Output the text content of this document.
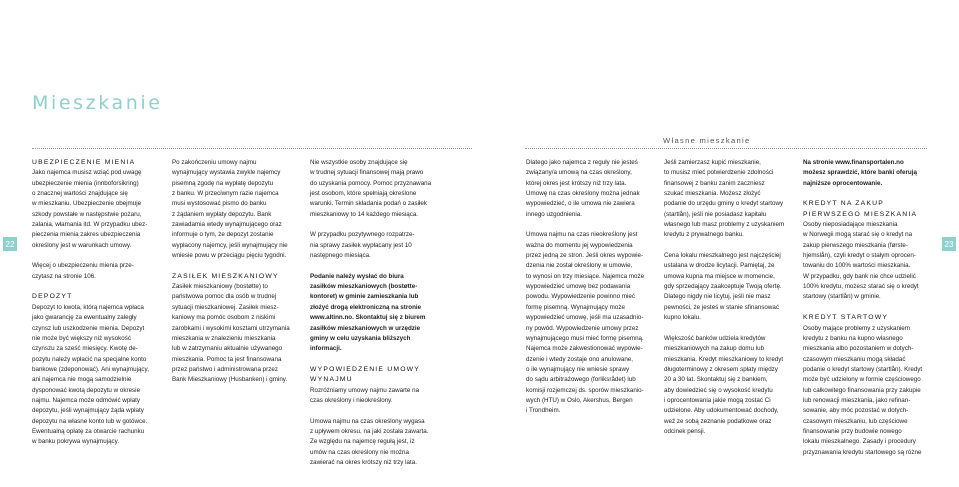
Mieszkanie
Własne mieszkanie
22	23
UBEZPIECZENIE MIENIA

Jako najemca musisz wziąć pod uwagę
ubezpieczenie mienia (innboforsikring)
o znacznej wartości znajdujące się
w mieszkaniu. Ubezpieczenie obejmuje
szkody powstałe w następstwie pożaru,
zalania, włamania itd. W przypadku ubez-
pieczenia mienia zakres ubezpieczenia
określony jest w warunkach umowy.

Więcej o ubezpieczeniu mienia prze-
czytasz na stronie 106.

DEPOZYT

Depozyt to kwota, którą najemca wpłaca
jako gwarancję za ewentualny zaległy
czynsz lub uszkodzenie mienia. Depozyt
nie może być większy niż wysokość
czynszu za sześć miesięcy. Kwotę de-
pozytu należy wpłacić na specjalne konto
bankowe (zdeponować). Ani wynajmujący,
ani najemca nie mogą samodzielnie
dysponować kwotą depozytu w okresie
najmu. Najemca może odmówić wpłaty
depozytu, jeśli wynajmujący żąda wpłaty
depozytu na własne konto lub w gotówce.
Ewentualną opłatę za otwarcie rachunku
w banku pokrywa wynajmujący.

Po zakończeniu umowy najmu
wynajmujący wystawia zwykle najemcy
pisemną zgodę na wypłatę depozytu
z banku. W przeciwnym razie najemca
musi wystosować pismo do banku
z żądaniem wypłaty depozytu. Bank
zawiadamia wtedy wynajmującego oraz
informuje o tym, że depozyt zostanie
wypłacony najemcy, jeśli wynajmujący nie
wniesie powu w przeciągu pięciu tygodni.

ZASIŁEK MIESZKANIOWY

Zasiłek mieszkaniowy (bostøtte) to
państwowa pomoc dla osób w trudnej
sytuacji mieszkaniowej. Zasiłek miesz-
kaniowy ma pomóc osobom z niskimi
zarobkami i wysokimi kosztami utrzymania
mieszkania w znalezieniu mieszkania
lub w zatrzymaniu aktualnie używanego
mieszkania. Pomoc ta jest finansowana
przez państwo i administrowana przez
Bank Mieszkaniowy (Husbanken) i gminy.

Nie wszystkie osoby znajdujące się
w trudnej sytuacji finansowej mają prawo
do uzyskania pomocy. Pomoc przyznawana
jest osobom, które spełniają określone
warunki. Termin składania podań o zasiłek
mieszkaniowy to 14 każdego miesiąca.

W przypadku pozytywnego rozpatrze-
nia sprawy zasiłek wypłacany jest 10
następnego miesiąca.

Podanie należy wysłać do biura
zasiłków mieszkaniowych (bostøtte-
kontoret) w gminie zamieszkania lub
złożyć drogą elektroniczną na stronie
www.altinn.no. Skontaktuj się z biurem
zasiłków mieszkaniowych w urzędzie
gminy w celu uzyskania bliższych
informacji.

WYPOWIEDZENIE UMOWY
WYNAJMU

Rozróżniamy umowy najmu zawarte na
czas określony i nieokreślony.

Umowa najmu na czas określony wygasa
z upływem okresu, na jaki została zawarta.
Ze względu na najemcę regułą jest, iż
umów na czas określony nie można
zawierać na okres krótszy niż trzy lata.

Dlatego jako najemca z reguły nie jesteś
związany/a umową na czas określony,
której okres jest krótszy niż trzy lata.
Umowę na czas określony można jednak
wypowiedzieć, o ile umowa nie zawiera
innego uzgodnienia.

Umowa najmu na czas nieokreślony jest
ważna do momentu jej wypowiedzenia
przez jedną ze stron. Jeśli okres wypowie-
dzenia nie został określony w umowie,
to wynosi on trzy miesiące. Najemca może
wypowiedzieć umowę bez podawania
powodu. Wypowiedzenie powinno mieć
formę pisemną. Wynajmujący może
wypowiedzieć umowę, jeśli ma uzasadnio-
ny powód. Wypowiedzenie umowy przez
wynajmującego musi mieć formę pisemną.
Najemca może zakwestionować wypowie-
dzenie i wtedy zostaje ono anulowane,
o ile wynajmujący nie wniesie sprawy
do sądu arbitrażowego (forliksrådet) lub
komisji rozjemczej ds. sporów mieszkanio-
wych (HTU) w Oslo, Akershus, Bergen
i Trondheim.

Jeśli zamierzasz kupić mieszkanie,
to musisz mieć potwierdzenie zdolności
finansowej z banku zanim zaczniesz
szukać mieszkania. Możesz złożyć
podanie do urzędu gminy o kredyt startowy
(startlån), jeśli nie posiadasz kapitału
własnego lub masz problemy z uzyskaniem
kredytu z prywatnego banku.

Cena lokalu mieszkalnego jest najczęściej
ustalana w drodze licytacji. Pamiętaj, że
umowa kupna ma miejsce w momencie,
gdy sprzedający zaakceptuje Twoją ofertę.
Dlatego nigdy nie licytuj, jeśli nie masz
pewności, że jesteś w stanie sfinansować
kupno lokalu.

Większość banków udziela kredytów
mieszkaniowych na zakup domu lub
mieszkania. Kredyt mieszkaniowy to kredyt
długoterminowy z okresem spłaty między
20 a 30 lat. Skontaktuj się z bankiem,
aby dowiedzieć się o wysokość kredytu
i oprocentowania jakie mogą zostać Ci
udzielone. Aby udokumentować dochody,
weź ze sobą zeznanie podatkowe oraz
odcinek pensji.

Na stronie www.finansportalen.no
możesz sprawdzić, które banki oferują
najniższe oprocentowanie.

KREDYT NA ZAKUP
PIERWSZEGO MIESZKANIA

Osoby nieposiadające mieszkania
w Norwegii mogą starać się o kredyt na
zakup pierwszego mieszkania (første-
hjemslån), czyli kredyt o stałym oprocen-
towaniu do 100% wartości mieszkania.
W przypadku, gdy bank nie chce udzielić
100% kredytu, możesz starać się o kredyt
startowy (startlån) w gminie.

KREDYT STARTOWY

Osoby mające problemy z uzyskaniem
kredytu z banku na kupno własnego
mieszkania albo pozostaniem w dotych-
czasowym mieszkaniu mogą składać
podanie o kredyt startowy (startlån). Kredyt
może być udzielony w formie częściowego
lub całkowitego finansowania przy zakupie
lub renowacji mieszkania, jako refinan-
sowanie, aby móc pozostać w dotych-
czasowym mieszkaniu, lub częściowe
finansowanie przy budowie nowego
lokalu mieszkalnego. Zasady i procedury
przyznawania kredytu startowego są różne
